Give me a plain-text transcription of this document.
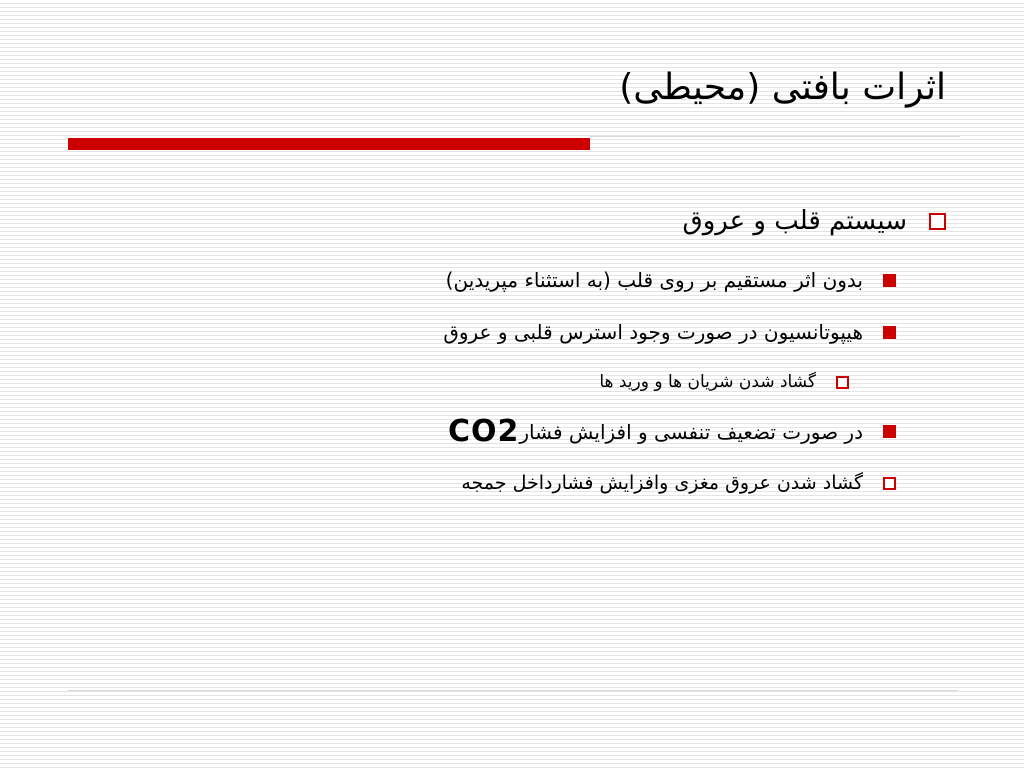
اثرات بافتی (محیطی)
سیستم قلب و عروق
بدون اثر مستقیم بر روی قلب (به استثناء مپریدین)
هیپوتانسیون در صورت وجود استرس قلبی و عروق
گشاد شدن شریان ها و ورید ها
در صورت تضعیف تنفسی و افزایش فشار
CO2
گشاد شدن عروق مغزی وافزایش فشارداخل جمجه
